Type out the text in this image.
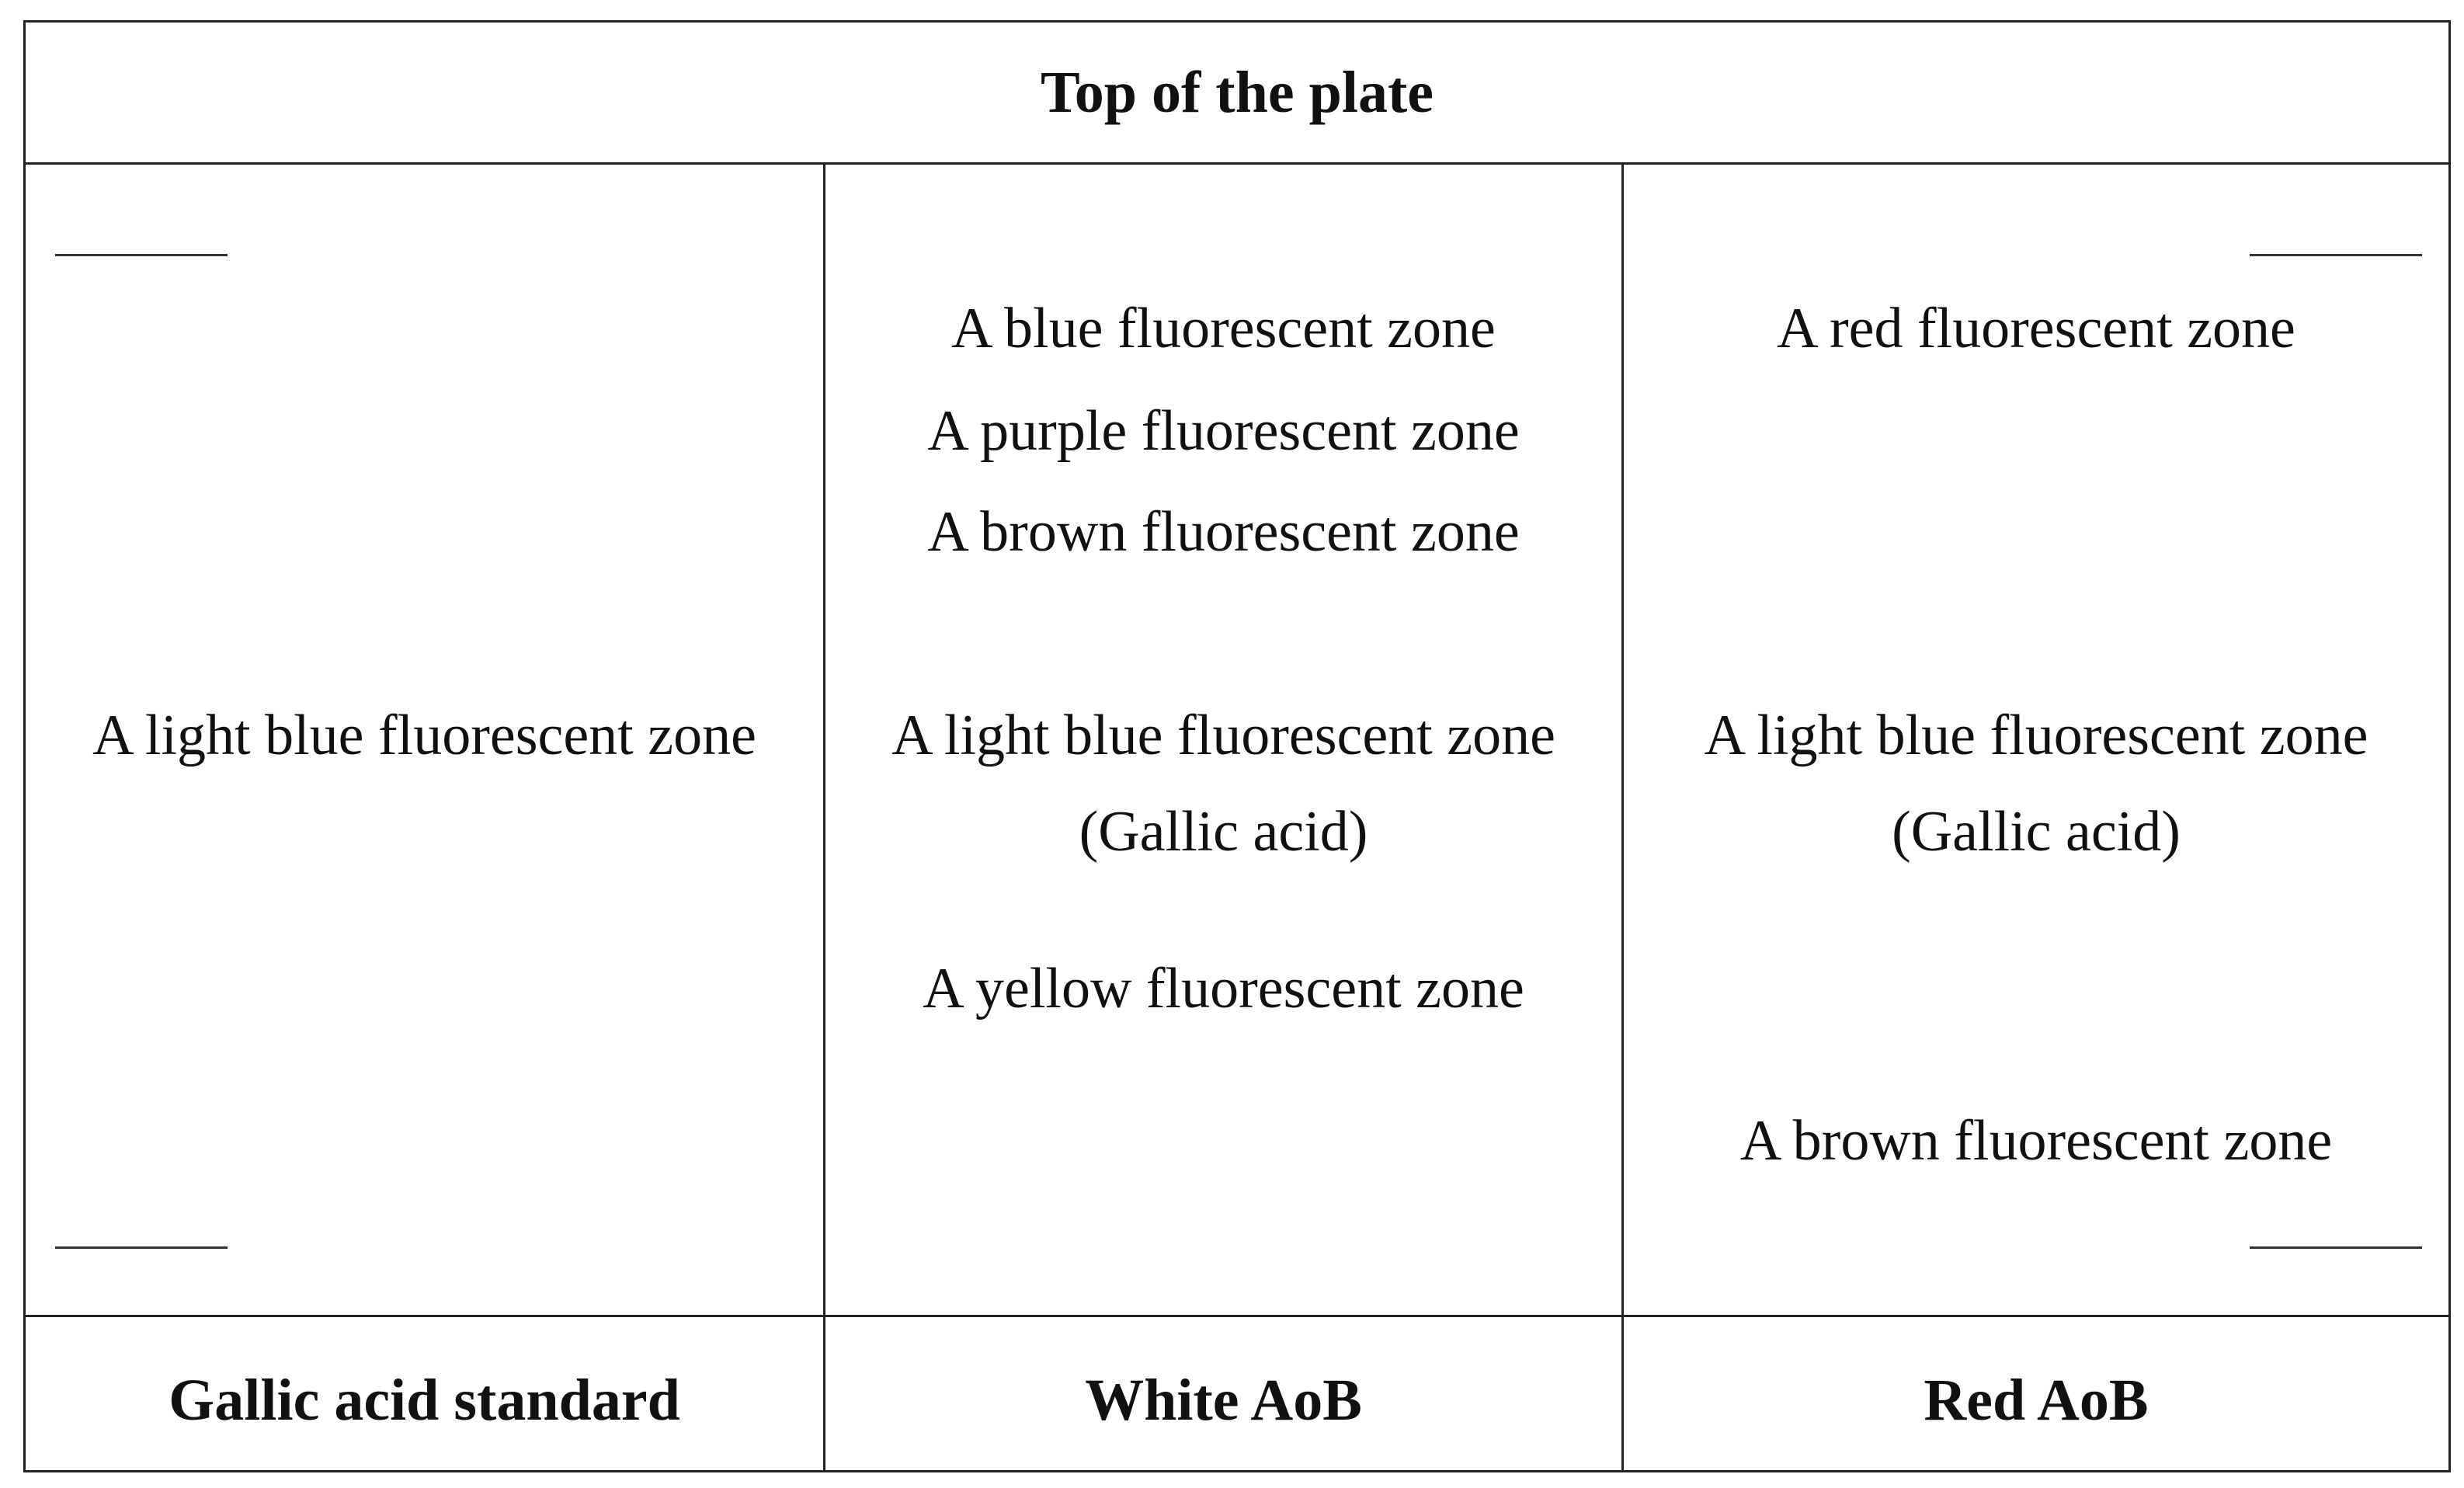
Top of the plate
A light blue fluorescent zone
A blue fluorescent zone
A purple fluorescent zone
A brown fluorescent zone
A light blue fluorescent zone
(Gallic acid)
A yellow fluorescent zone
A red fluorescent zone
A light blue fluorescent zone
(Gallic acid)
A brown fluorescent zone
Gallic acid standard	White AoB	Red AoB
